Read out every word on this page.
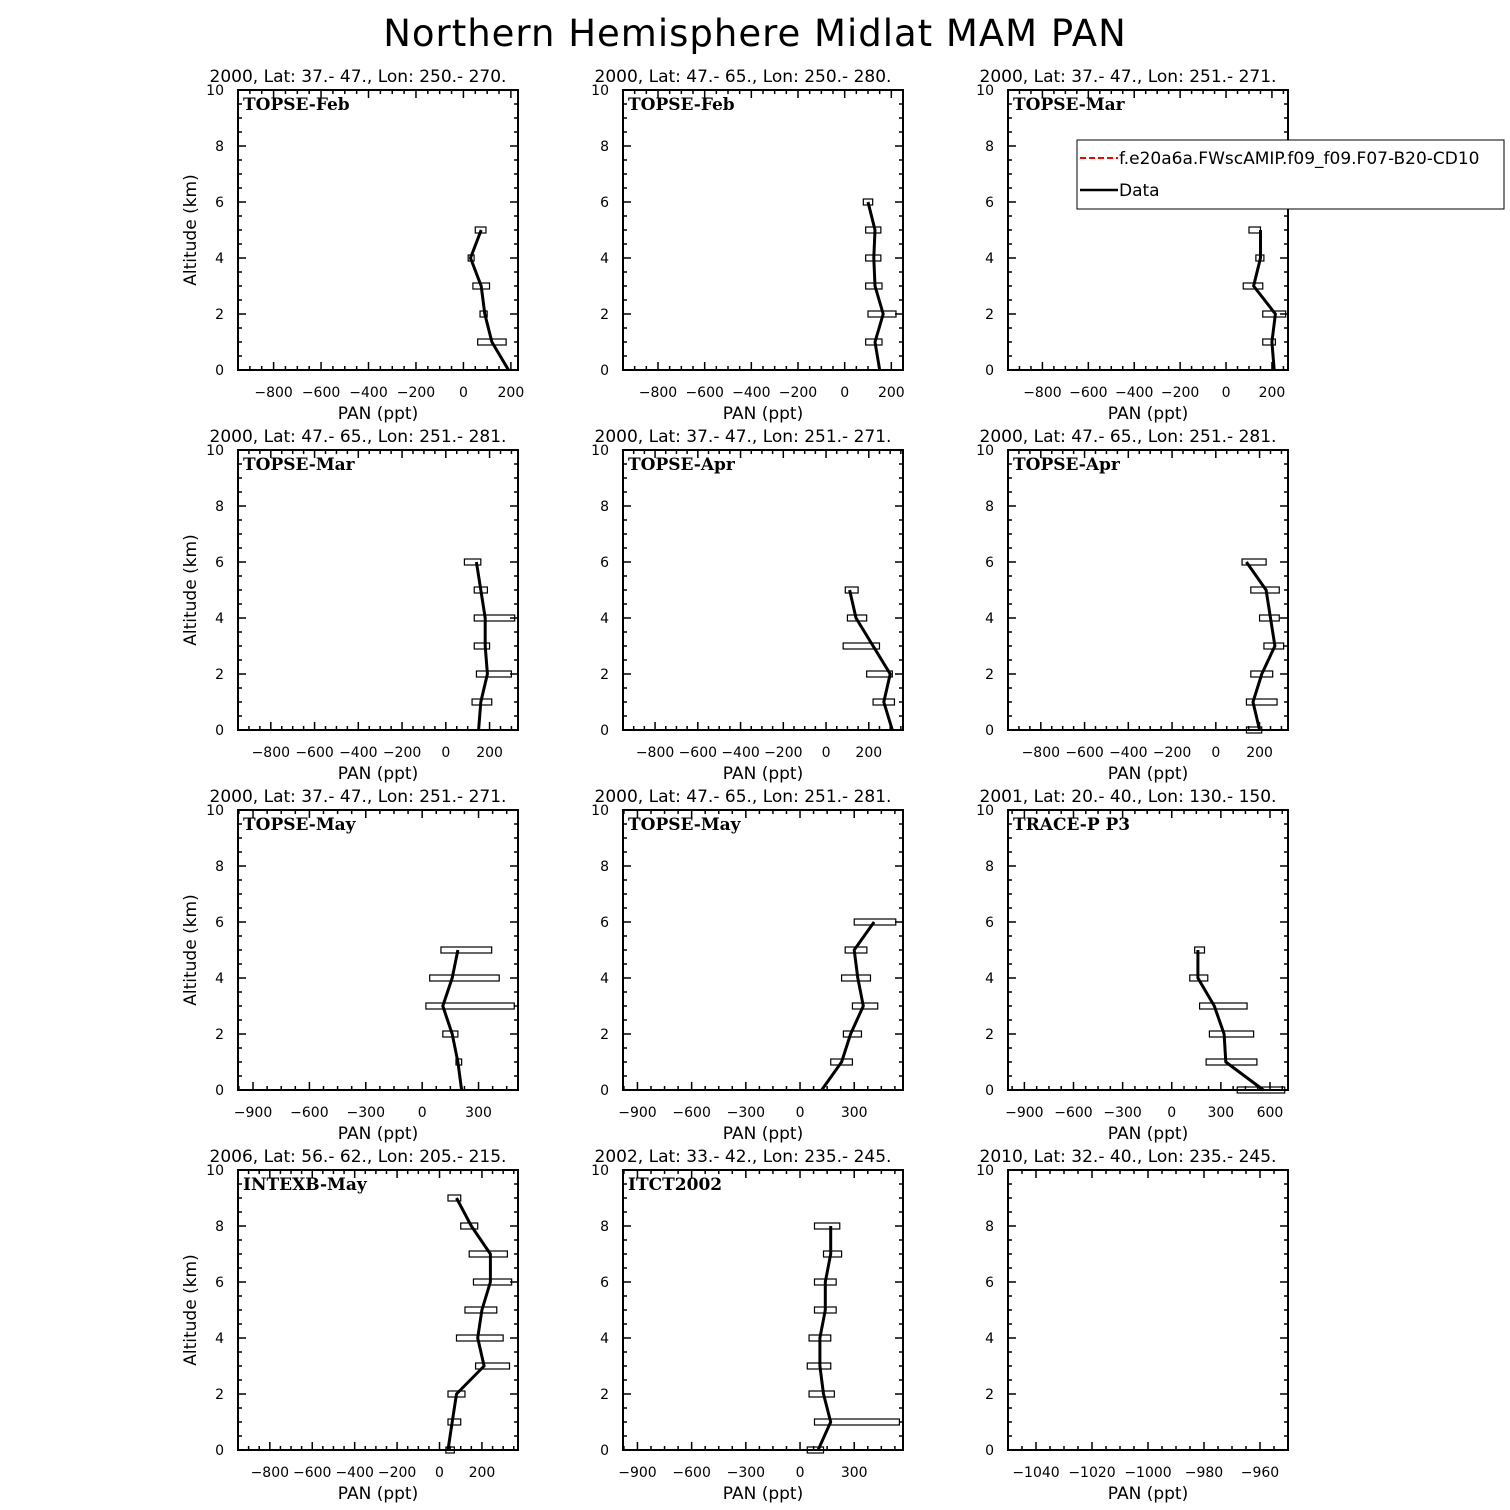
Northern Hemisphere Midlat MAM PAN
0
2
4
6
8
10
−800 −600 −400 −200 0 200
2000, Lat: 37.- 47., Lon: 250.- 270.
TOPSE-Feb
PAN (ppt)
Altitude (km)
0
2
4
6
8
10
−800 −600 −400 −200 0 200
2000, Lat: 47.- 65., Lon: 250.- 280.
TOPSE-Feb
PAN (ppt)
0
2
4
6
8
10
−800 −600 −400 −200 0 200
2000, Lat: 37.- 47., Lon: 251.- 271.
TOPSE-Mar
PAN (ppt)
0
2
4
6
8
10
−800 −600 −400 −200 0 200
2000, Lat: 47.- 65., Lon: 251.- 281.
TOPSE-Mar
PAN (ppt)
Altitude (km)
0
2
4
6
8
10
−800 −600 −400 −200 0 200
2000, Lat: 37.- 47., Lon: 251.- 271.
TOPSE-Apr
PAN (ppt)
0
2
4
6
8
10
−800 −600 −400 −200 0 200
2000, Lat: 47.- 65., Lon: 251.- 281.
TOPSE-Apr
PAN (ppt)
0
2
4
6
8
10
−900 −600 −300 0	300
2000, Lat: 37.- 47., Lon: 251.- 271.
TOPSE-May
PAN (ppt)
Altitude (km)
0
2
4
6
8
10
−900 −600 −300 0	300
2000, Lat: 47.- 65., Lon: 251.- 281.
TOPSE-May
PAN (ppt)
0
2
4
6
8
10
−900 −600 −300 0 300 600
2001, Lat: 20.- 40., Lon: 130.- 150.
TRACE-P P3
PAN (ppt)
0
2
4
6
8
10
−800 −600 −400 −200 0 200
2006, Lat: 56.- 62., Lon: 205.- 215.
INTEXB-May
PAN (ppt)
Altitude (km)
0
2
4
6
8
10
−900 −600 −300 0	300
2002, Lat: 33.- 42., Lon: 235.- 245.
ITCT2002
PAN (ppt)
0
2
4
6
8
10
−1040 −1020 −1000 −980 −960
2010, Lat: 32.- 40., Lon: 235.- 245.
PAN (ppt)
f.e20a6a.FWscAMIP.f09_f09.F07-B20-CD10
Data
